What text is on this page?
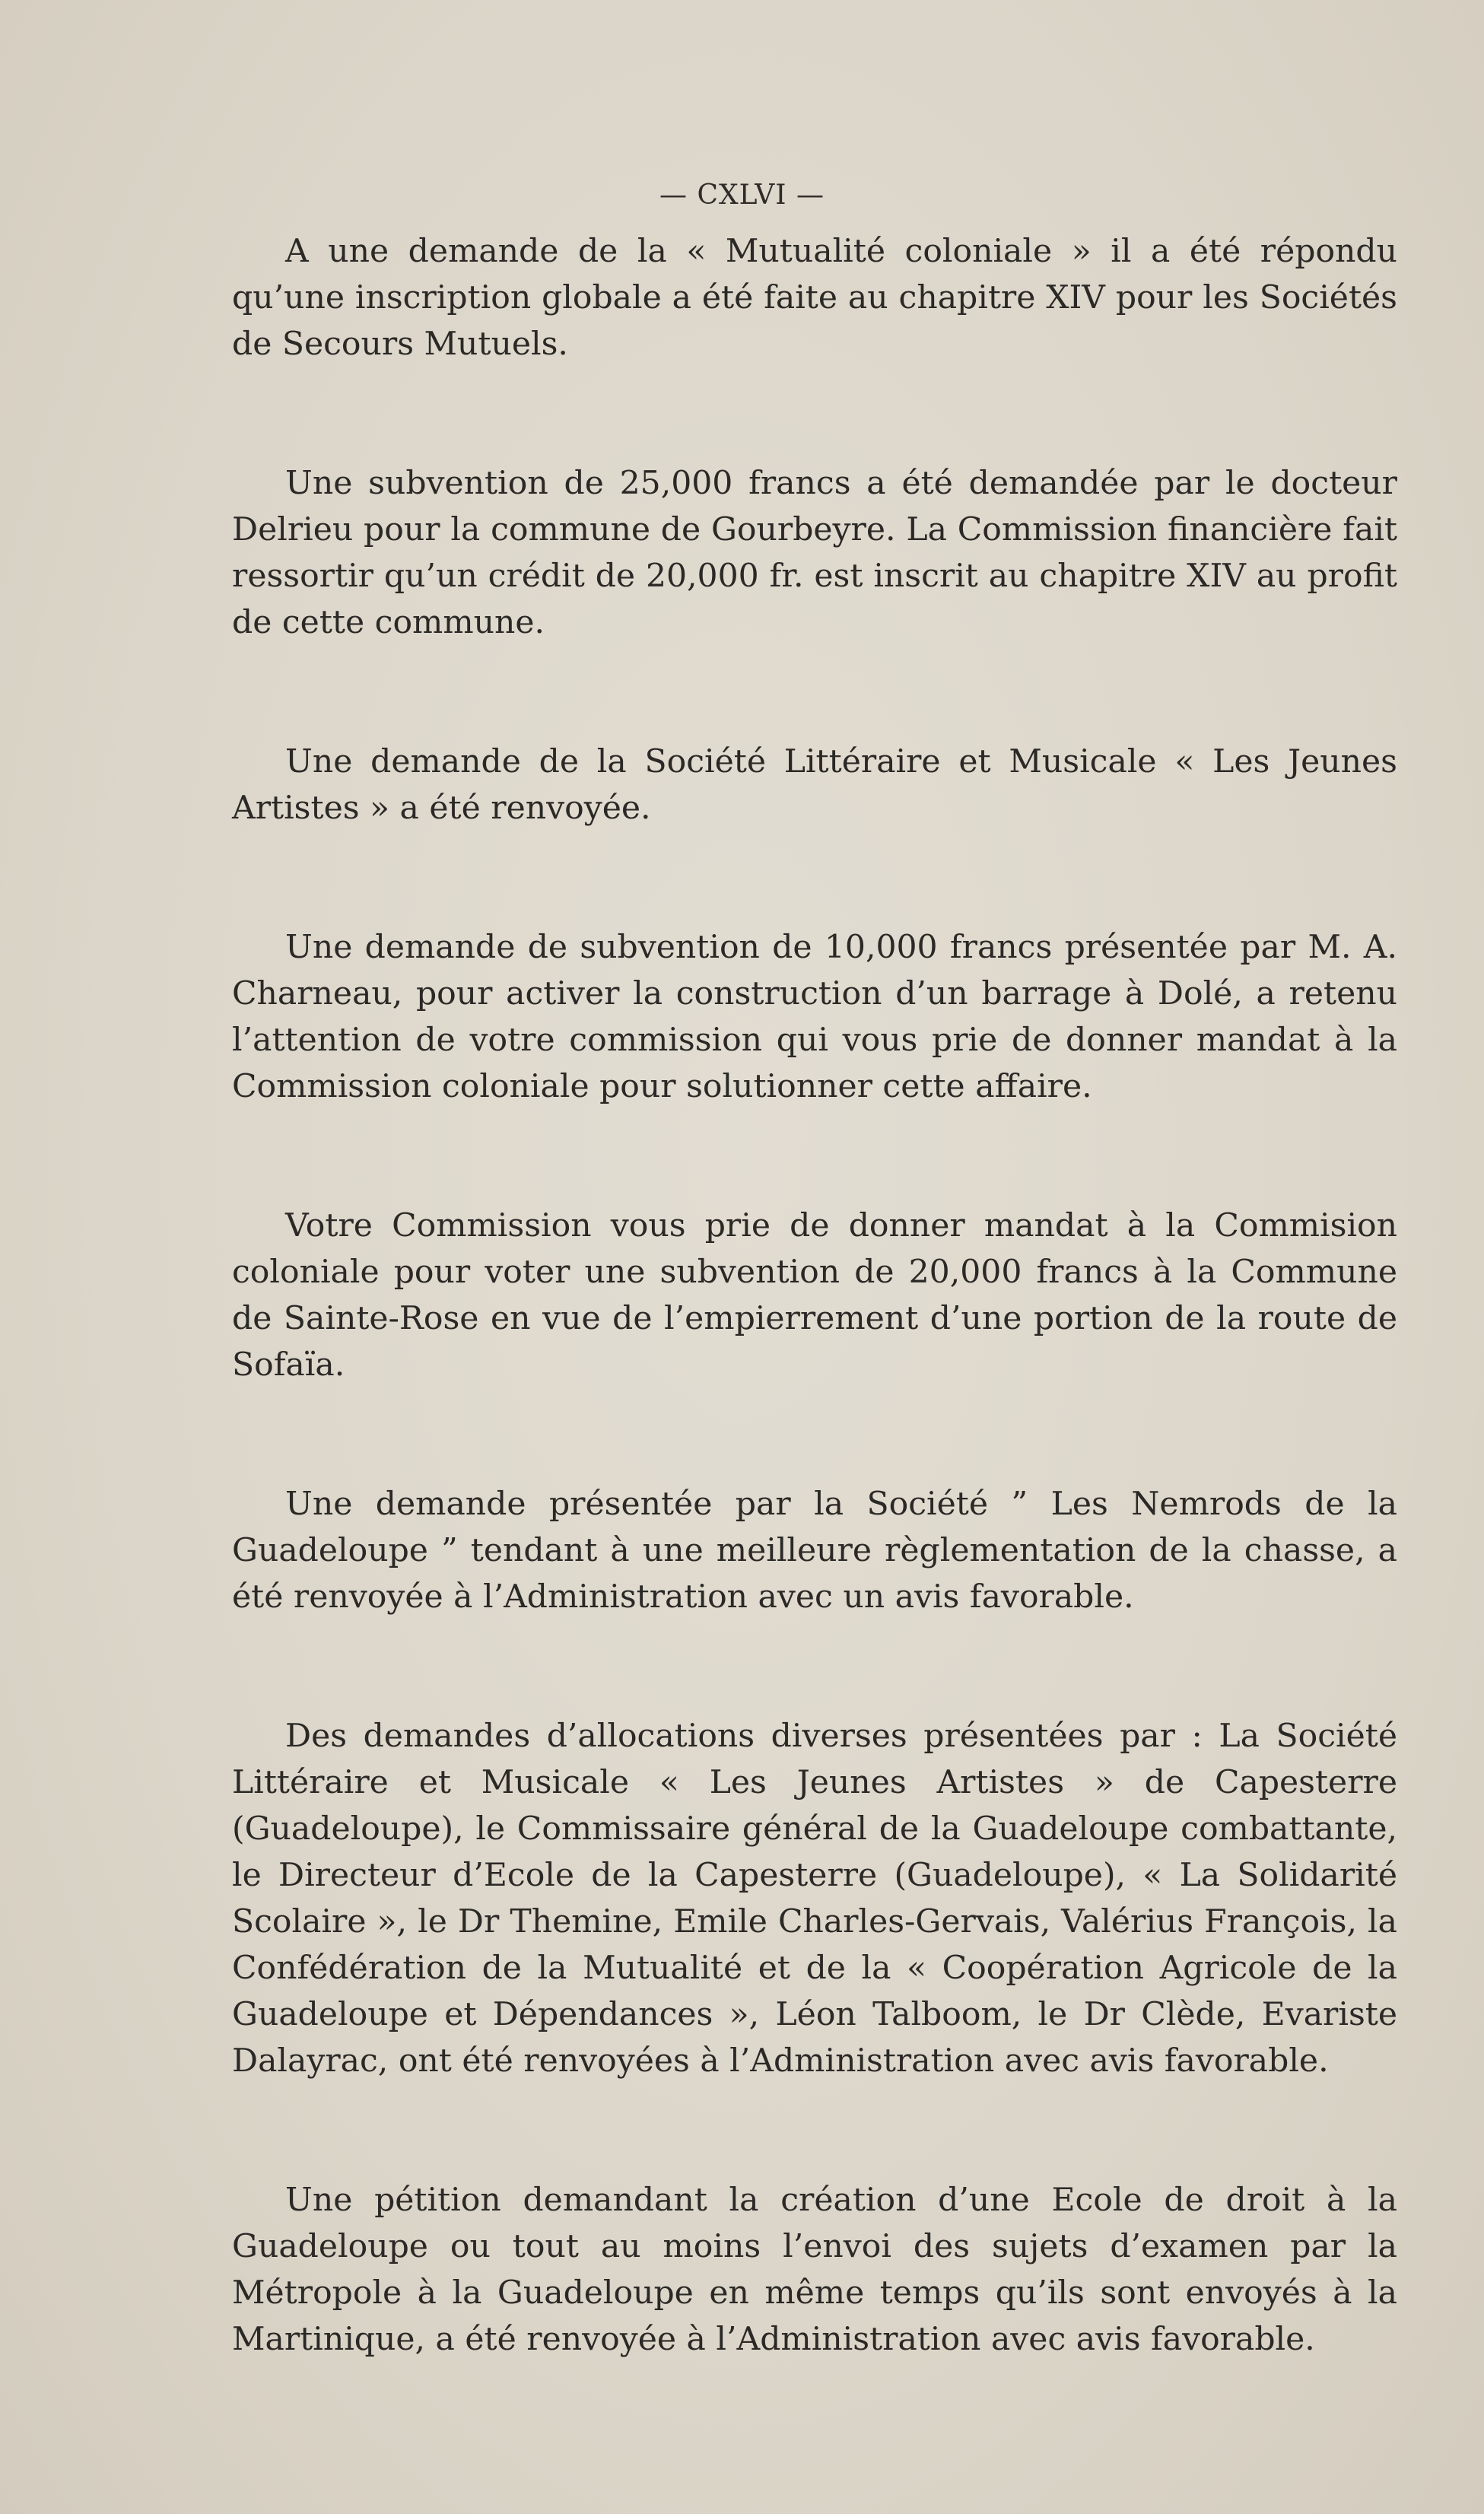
— CXLVI —

A une demande de la « Mutualité coloniale » il a été répondu qu’une inscription globale a été faite au chapitre XIV pour les Sociétés de Secours Mutuels.

Une subvention de 25,000 francs a été demandée par le docteur Delrieu pour la commune de Gourbeyre. La Commission financière fait ressortir qu’un crédit de 20,000 fr. est inscrit au chapitre XIV au profit de cette commune.

Une demande de la Société Littéraire et Musicale « Les Jeunes Artistes » a été renvoyée.

Une demande de subvention de 10,000 francs présentée par M. A. Charneau, pour activer la construction d’un barrage à Dolé, a retenu l’attention de votre commission qui vous prie de donner mandat à la Commission coloniale pour solutionner cette affaire.

Votre Commission vous prie de donner mandat à la Commision coloniale pour voter une subvention de 20,000 francs à la Commune de Sainte-Rose en vue de l’empierrement d’une portion de la route de Sofaïa.

Une demande présentée par la Société ” Les Nemrods de la Guadeloupe ” tendant à une meilleure règlementation de la chasse, a été renvoyée à l’Administration avec un avis favorable.

Des demandes d’allocations diverses présentées par : La Société Littéraire et Musicale « Les Jeunes Artistes » de Capesterre (Guadeloupe), le Commissaire général de la Guadeloupe combattante, le Directeur d’Ecole de la Capesterre (Guadeloupe), « La Solidarité Scolaire », le Dr Themine, Emile Charles-Gervais, Valérius François, la Confédération de la Mutualité et de la « Coopération Agricole de la Guadeloupe et Dépendances », Léon Talboom, le Dr Clède, Evariste Dalayrac, ont été renvoyées à l’Administration avec avis favorable.

Une pétition demandant la création d’une Ecole de droit à la Guadeloupe ou tout au moins l’envoi des sujets d’examen par la Métropole à la Guadeloupe en même temps qu’ils sont envoyés à la Martinique, a été renvoyée à l’Administration avec avis favorable.
